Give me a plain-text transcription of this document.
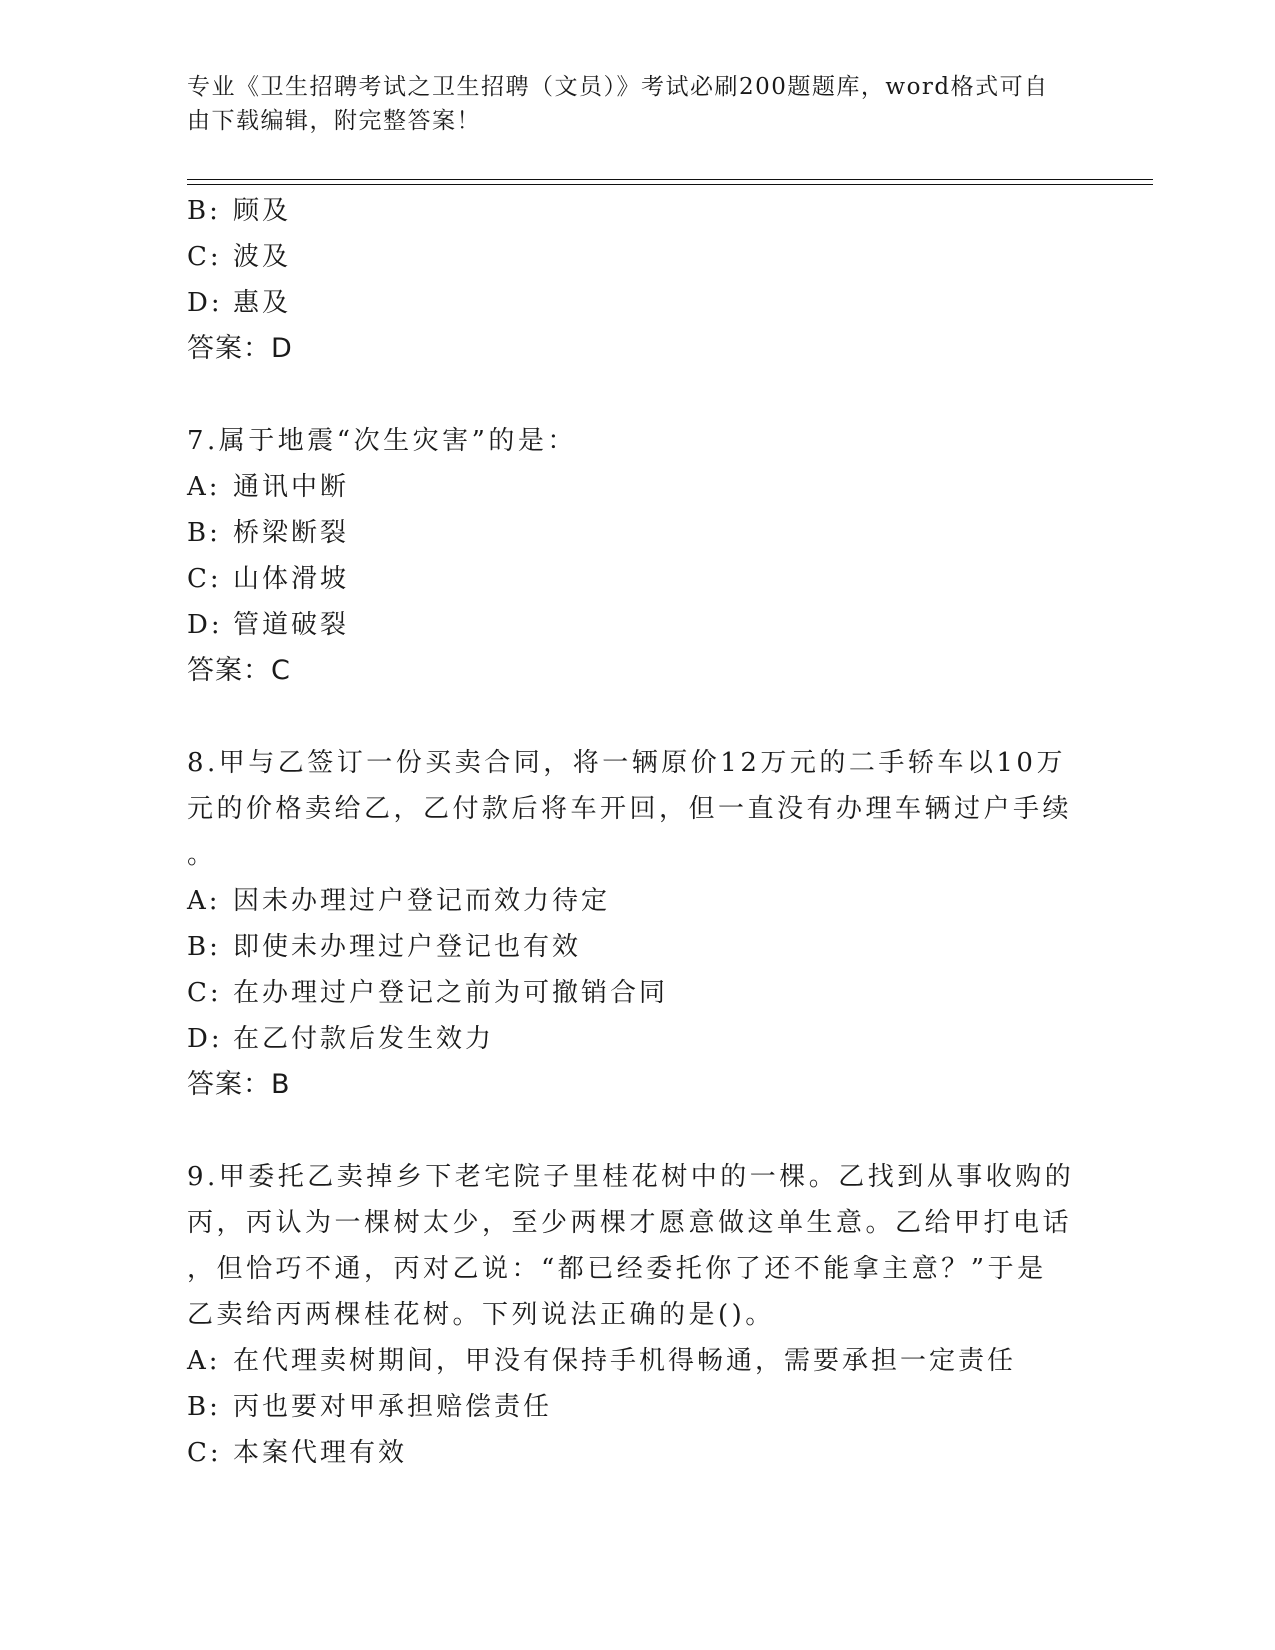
专业《卫生招聘考试之卫生招聘（文员）》考试必刷200题题库，word格式可自
由下载编辑，附完整答案！
B: 顾及
C: 波及
D: 惠及
答案：D
7.属于地震“次生灾害”的是：
A: 通讯中断
B: 桥梁断裂
C: 山体滑坡
D: 管道破裂
答案：C
8.甲与乙签订一份买卖合同，将一辆原价12万元的二手轿车以10万
元的价格卖给乙，乙付款后将车开回，但一直没有办理车辆过户手续
。
A: 因未办理过户登记而效力待定
B: 即使未办理过户登记也有效
C: 在办理过户登记之前为可撤销合同
D: 在乙付款后发生效力
答案：B
9.甲委托乙卖掉乡下老宅院子里桂花树中的一棵。乙找到从事收购的
丙，丙认为一棵树太少，至少两棵才愿意做这单生意。乙给甲打电话
，但恰巧不通，丙对乙说：“都已经委托你了还不能拿主意？”于是
乙卖给丙两棵桂花树。下列说法正确的是()。
A: 在代理卖树期间，甲没有保持手机得畅通，需要承担一定责任
B: 丙也要对甲承担赔偿责任
C: 本案代理有效
